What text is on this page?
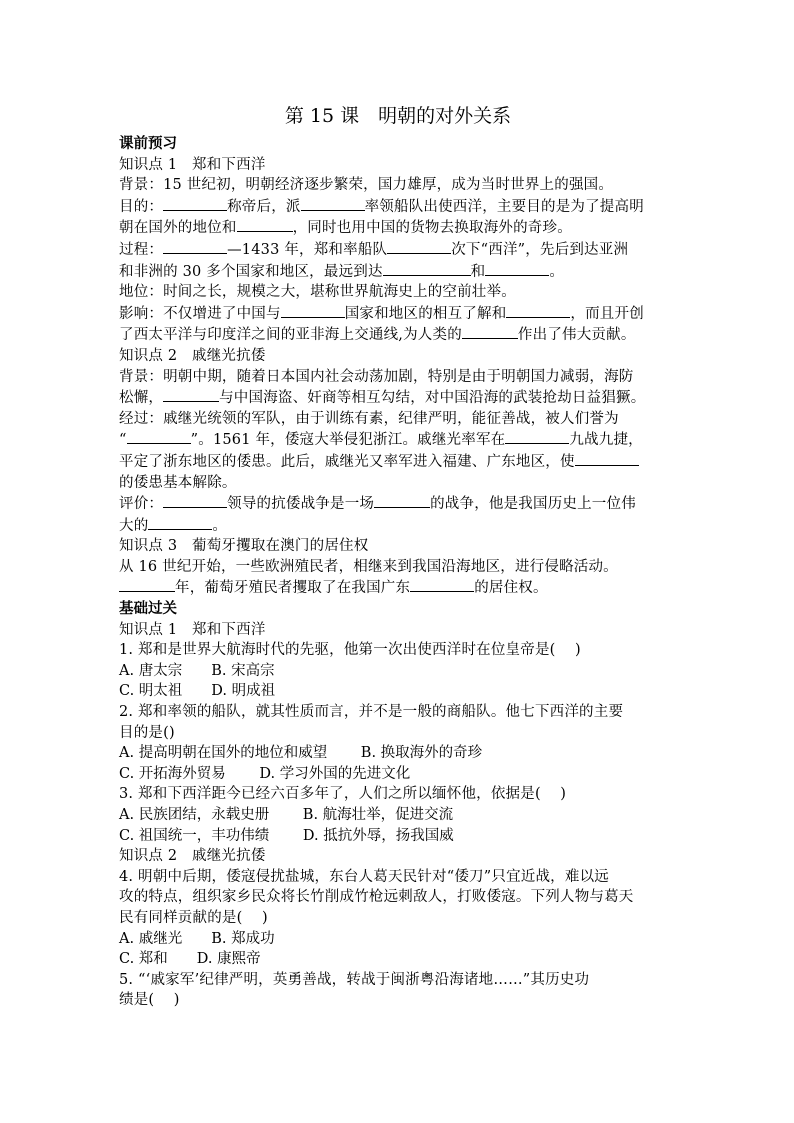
第 15 课　明朝的对外关系

课前预习

知识点 1　郑和下西洋

背景：15 世纪初，明朝经济逐步繁荣，国力雄厚，成为当时世界上的强国。

目的：	称帝后，派	率领船队出使西洋，主要目的是为了提高明

朝在国外的地位和	，同时也用中国的货物去换取海外的奇珍。

过程：	—1433 年，郑和率船队	次下“西洋”，先后到达亚洲

和非洲的 30 多个国家和地区，最远到达	和	。

地位：时间之长，规模之大，堪称世界航海史上的空前壮举。

影响：不仅增进了中国与	国家和地区的相互了解和	，而且开创

了西太平洋与印度洋之间的亚非海上交通线,为人类的	作出了伟大贡献。

知识点 2　戚继光抗倭

背景：明朝中期，随着日本国内社会动荡加剧，特别是由于明朝国力减弱，海防

松懈，	与中国海盗、奸商等相互勾结，对中国沿海的武装抢劫日益猖獗。

经过：戚继光统领的军队，由于训练有素，纪律严明，能征善战，被人们誉为

“	”。1561 年，倭寇大举侵犯浙江。戚继光率军在	九战九捷，

平定了浙东地区的倭患。此后，戚继光又率军进入福建、广东地区，使

的倭患基本解除。

评价：	领导的抗倭战争是一场	的战争，他是我国历史上一位伟

大的	。

知识点 3　葡萄牙攫取在澳门的居住权

从 16 世纪开始，一些欧洲殖民者，相继来到我国沿海地区，进行侵略活动。

年，葡萄牙殖民者攫取了在我国广东	的居住权。

基础过关

知识点 1　郑和下西洋

1. 郑和是世界大航海时代的先驱，他第一次出使西洋时在位皇帝是(　 )

A. 唐太宗　　B. 宋高宗

C. 明太祖　　D. 明成祖

2. 郑和率领的船队，就其性质而言，并不是一般的商船队。他七下西洋的主要

目的是()

A. 提高明朝在国外的地位和威望　　 B. 换取海外的奇珍

C. 开拓海外贸易　　 D. 学习外国的先进文化

3. 郑和下西洋距今已经六百多年了，人们之所以缅怀他，依据是(　 )

A. 民族团结，永载史册　　 B. 航海壮举，促进交流

C. 祖国统一，丰功伟绩　　 D. 抵抗外辱，扬我国威

知识点 2　戚继光抗倭

4. 明朝中后期，倭寇侵扰盐城，东台人葛天民针对“倭刀”只宜近战，难以远

攻的特点，组织家乡民众将长竹削成竹枪远刺敌人，打败倭寇。下列人物与葛天

民有同样贡献的是(　 )

A. 戚继光　　B. 郑成功

C. 郑和　　D. 康熙帝

5. “‘戚家军’纪律严明，英勇善战，转战于闽浙粤沿海诸地……”其历史功

绩是(　 )
